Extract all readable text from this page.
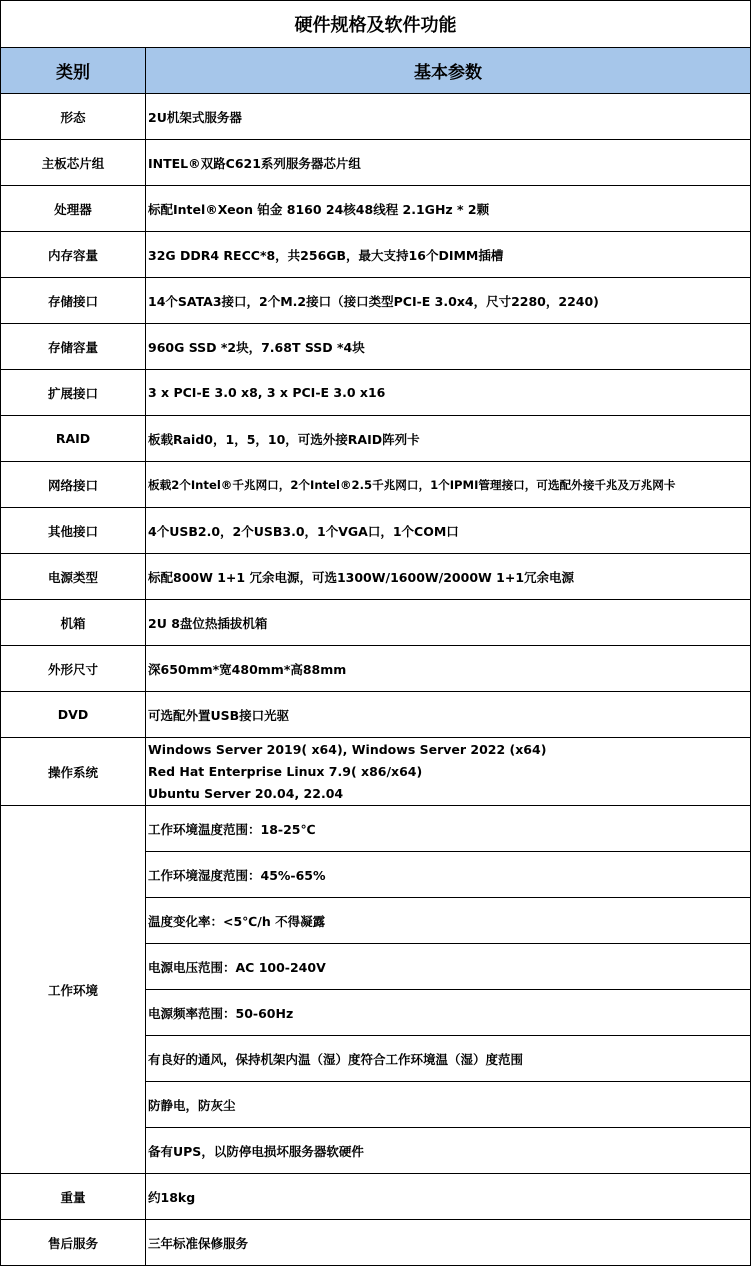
硬件规格及软件功能	
类别	基本参数
形态	2U机架式服务器
主板芯片组	INTEL®双路C621系列服务器芯片组
处理器	标配Intel®Xeon 铂金 8160 24核48线程 2.1GHz * 2颗
内存容量	32G DDR4 RECC*8，共256GB，最大支持16个DIMM插槽
存储接口	14个SATA3接口，2个M.2接口（接口类型PCI-E 3.0x4，尺寸2280，2240)
存储容量	960G SSD *2块，7.68T SSD *4块
扩展接口	3 x PCI-E 3.0 x8, 3 x PCI-E 3.0 x16
RAID	板载Raid0，1，5，10，可选外接RAID阵列卡
网络接口	板载2个Intel®千兆网口，2个Intel®2.5千兆网口，1个IPMI管理接口，可选配外接千兆及万兆网卡
其他接口	4个USB2.0，2个USB3.0，1个VGA口，1个COM口
电源类型	标配800W 1+1 冗余电源，可选1300W/1600W/2000W 1+1冗余电源
机箱	2U 8盘位热插拔机箱
外形尺寸	深650mm*宽480mm*高88mm
DVD	可选配外置USB接口光驱
操作系统	Windows Server 2019( x64), Windows Server 2022 (x64)
Red Hat Enterprise Linux 7.9( x86/x64)
Ubuntu Server 20.04, 22.04

工作环境	工作环境温度范围：18-25℃
	工作环境湿度范围：45%-65%
	温度变化率：<5℃/h 不得凝露
	电源电压范围：AC 100-240V
	电源频率范围：50-60Hz
	有良好的通风，保持机架内温（湿）度符合工作环境温（湿）度范围
	防静电，防灰尘
	备有UPS，以防停电损坏服务器软硬件
重量	约18kg
售后服务	三年标准保修服务
